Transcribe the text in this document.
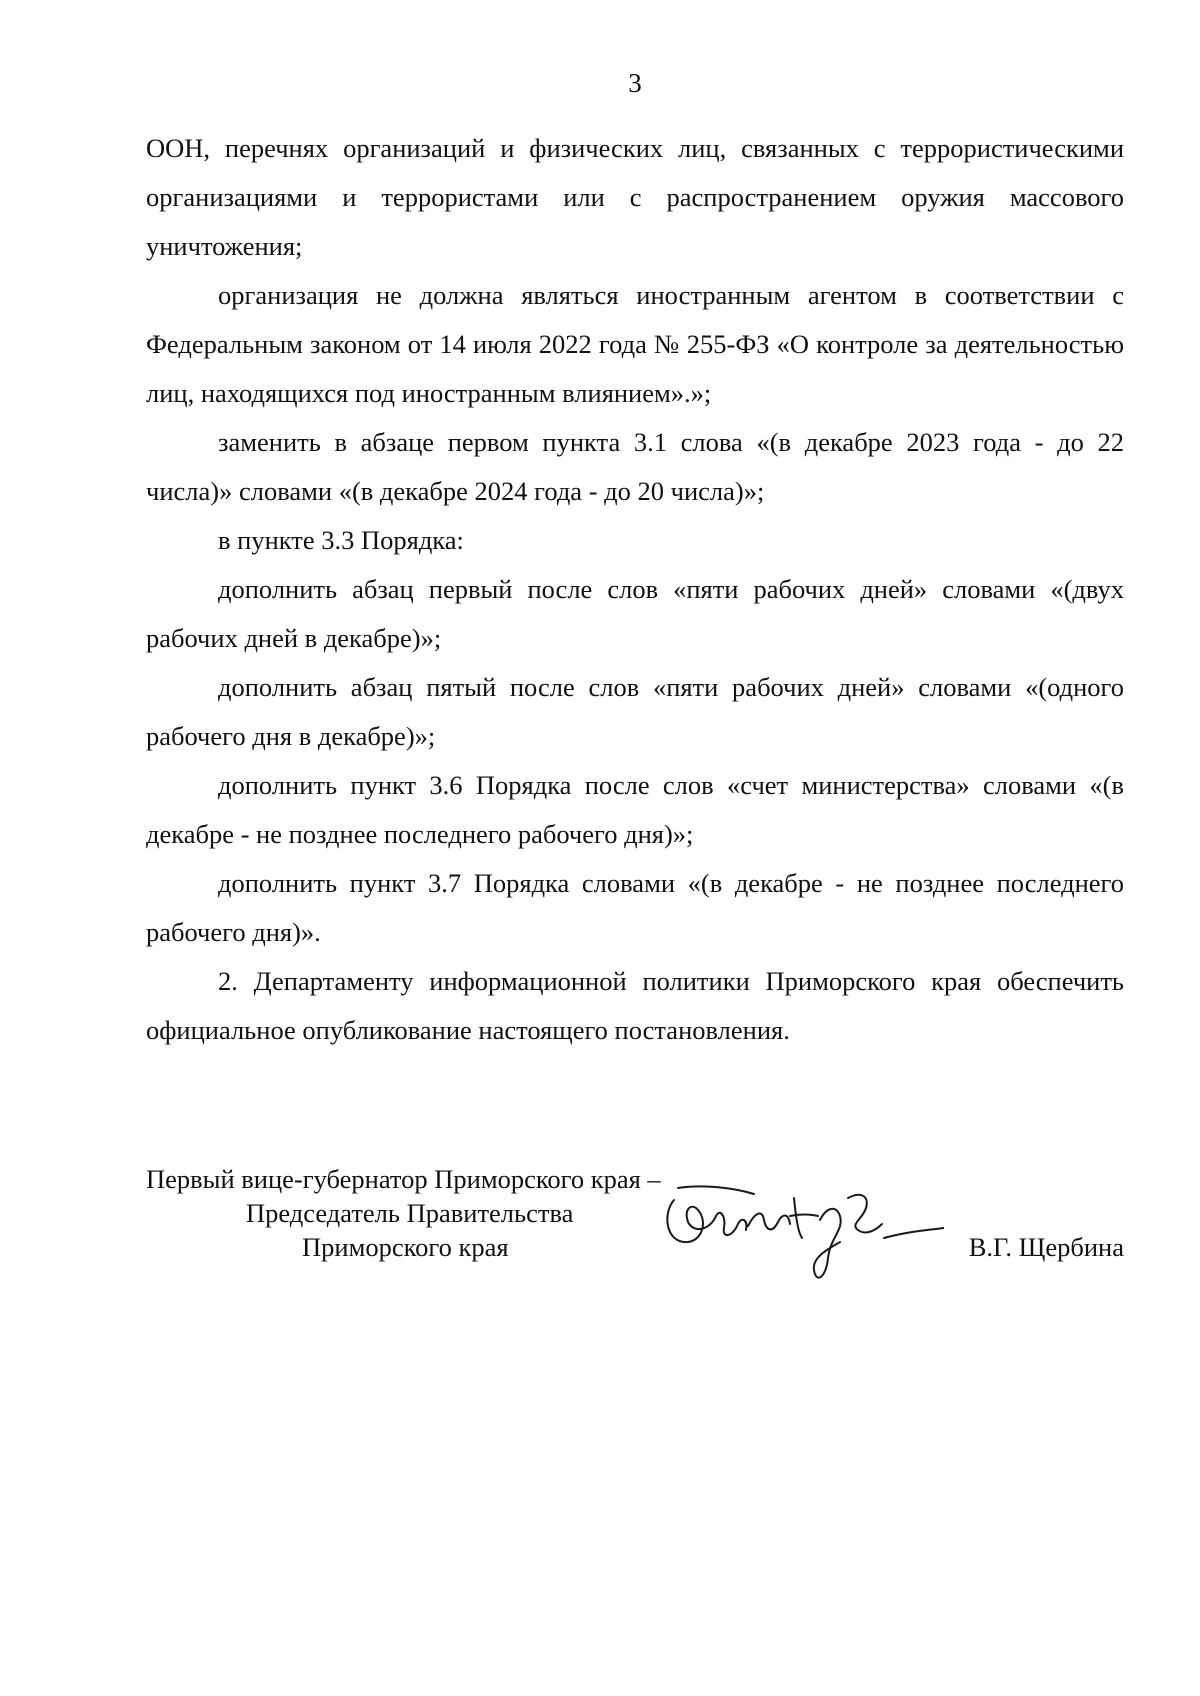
3

ООН, перечнях организаций и физических лиц, связанных с террористическими организациями и террористами или с распространением оружия массового уничтожения;

организация не должна являться иностранным агентом в соответствии с Федеральным законом от 14 июля 2022 года № 255-ФЗ «О контроле за деятельностью лиц, находящихся под иностранным влиянием».»;

заменить в абзаце первом пункта 3.1 слова «(в декабре 2023 года - до 22 числа)» словами «(в декабре 2024 года - до 20 числа)»;

в пункте 3.3 Порядка:

дополнить абзац первый после слов «пяти рабочих дней» словами «(двух рабочих дней в декабре)»;

дополнить абзац пятый после слов «пяти рабочих дней» словами «(одного рабочего дня в декабре)»;

дополнить пункт 3.6 Порядка после слов «счет министерства» словами «(в декабре - не позднее последнего рабочего дня)»;

дополнить пункт 3.7 Порядка словами «(в декабре - не позднее последнего рабочего дня)».

2. Департаменту информационной политики Приморского края обеспечить официальное опубликование настоящего постановления.

Первый вице-губернатор Приморского края –
Председатель Правительства
Приморского края	В.Г. Щербина
